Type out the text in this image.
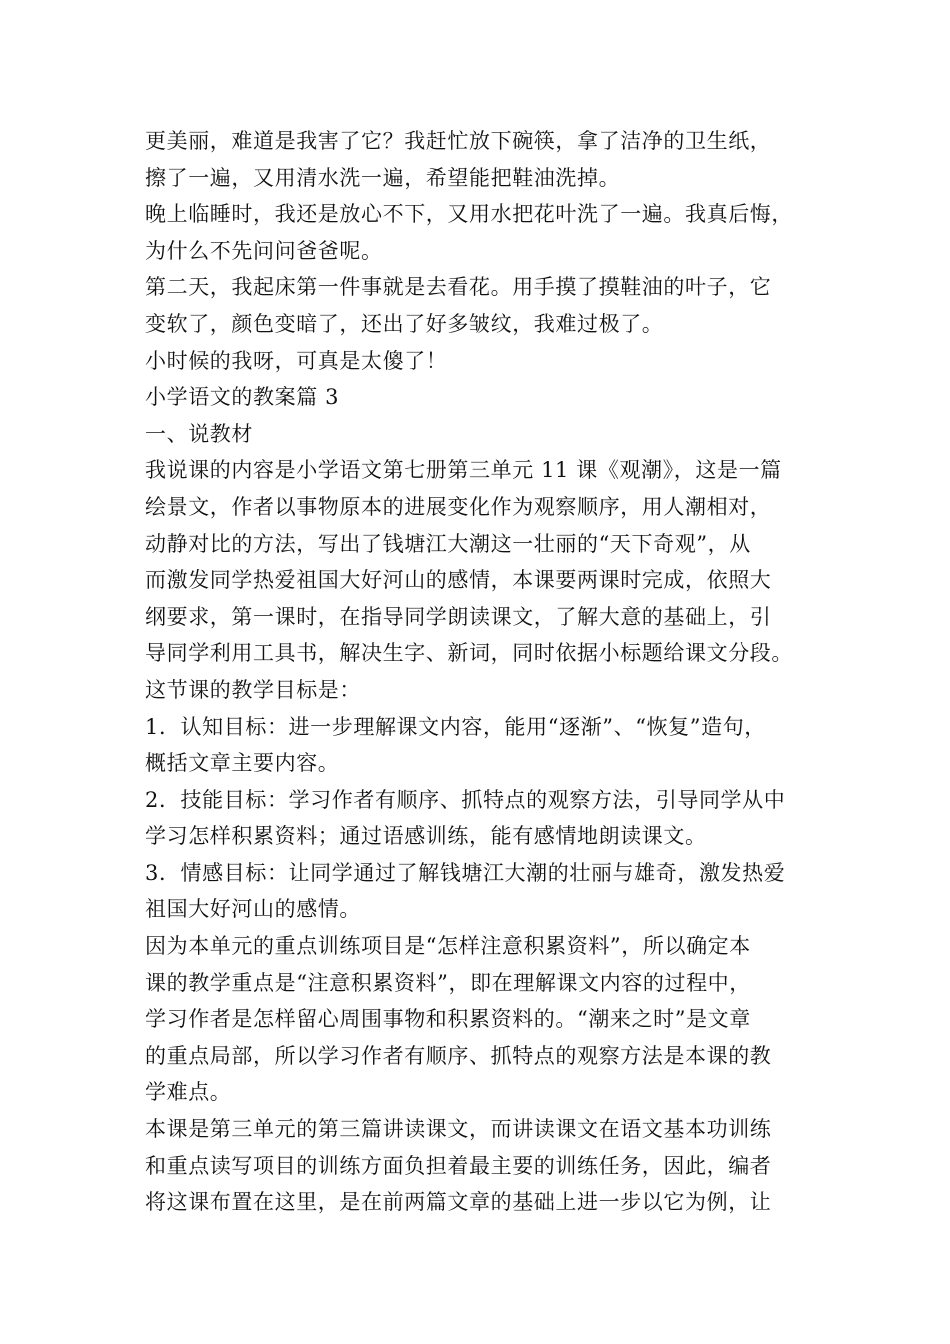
更美丽，难道是我害了它？我赶忙放下碗筷，拿了洁净的卫生纸，
擦了一遍，又用清水洗一遍，希望能把鞋油洗掉。
晚上临睡时，我还是放心不下，又用水把花叶洗了一遍。我真后悔，
为什么不先问问爸爸呢。
第二天，我起床第一件事就是去看花。用手摸了摸鞋油的叶子，它
变软了，颜色变暗了，还出了好多皱纹，我难过极了。
小时候的我呀，可真是太傻了！
小学语文的教案篇 3
一、说教材
我说课的内容是小学语文第七册第三单元 11 课《观潮》，这是一篇
绘景文，作者以事物原本的进展变化作为观察顺序，用人潮相对，
动静对比的方法，写出了钱塘江大潮这一壮丽的“天下奇观”，从
而激发同学热爱祖国大好河山的感情，本课要两课时完成，依照大
纲要求，第一课时，在指导同学朗读课文，了解大意的基础上，引
导同学利用工具书，解决生字、新词，同时依据小标题给课文分段。
这节课的教学目标是：
1．认知目标：进一步理解课文内容，能用“逐渐”、“恢复”造句，
概括文章主要内容。
2．技能目标：学习作者有顺序、抓特点的观察方法，引导同学从中
学习怎样积累资料；通过语感训练，能有感情地朗读课文。
3．情感目标：让同学通过了解钱塘江大潮的壮丽与雄奇，激发热爱
祖国大好河山的感情。
因为本单元的重点训练项目是“怎样注意积累资料”，所以确定本
课的教学重点是“注意积累资料”，即在理解课文内容的过程中，
学习作者是怎样留心周围事物和积累资料的。“潮来之时”是文章
的重点局部，所以学习作者有顺序、抓特点的观察方法是本课的教
学难点。
本课是第三单元的第三篇讲读课文，而讲读课文在语文基本功训练
和重点读写项目的训练方面负担着最主要的训练任务，因此，编者
将这课布置在这里，是在前两篇文章的基础上进一步以它为例，让
